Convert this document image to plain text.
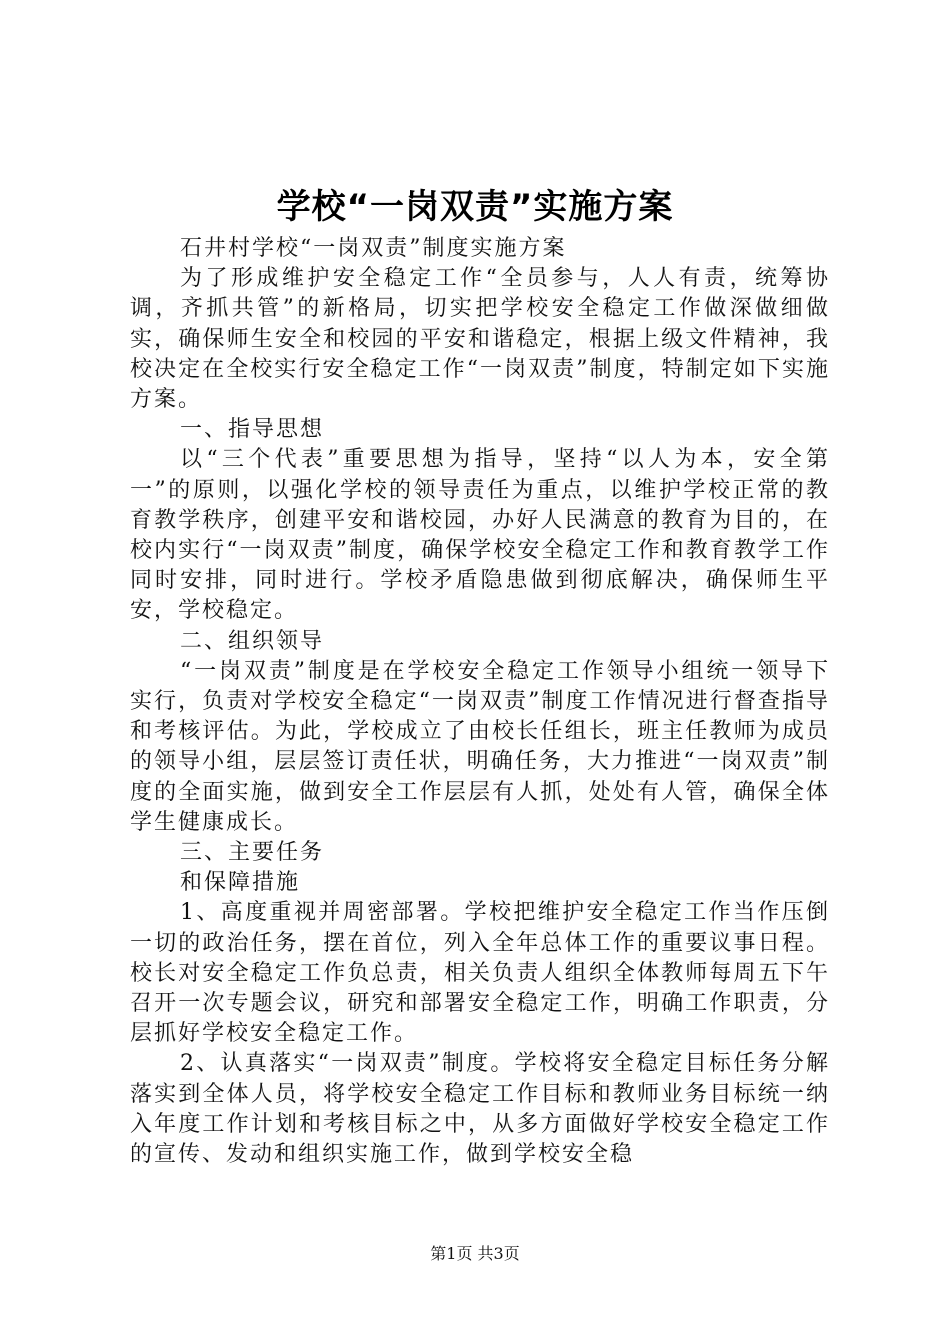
学校“一岗双责”实施方案

石井村学校“一岗双责”制度实施方案

为了形成维护安全稳定工作“全员参与，人人有责，统筹协调，齐抓共管”的新格局，切实把学校安全稳定工作做深做细做实，确保师生安全和校园的平安和谐稳定，根据上级文件精神，我校决定在全校实行安全稳定工作“一岗双责”制度，特制定如下实施方案。

一、指导思想

以“三个代表”重要思想为指导，坚持“以人为本，安全第一”的原则，以强化学校的领导责任为重点，以维护学校正常的教育教学秩序，创建平安和谐校园，办好人民满意的教育为目的，在校内实行“一岗双责”制度，确保学校安全稳定工作和教育教学工作同时安排，同时进行。学校矛盾隐患做到彻底解决，确保师生平安，学校稳定。

二、组织领导

“一岗双责”制度是在学校安全稳定工作领导小组统一领导下实行，负责对学校安全稳定“一岗双责”制度工作情况进行督查指导和考核评估。为此，学校成立了由校长任组长，班主任教师为成员的领导小组，层层签订责任状，明确任务，大力推进“一岗双责”制度的全面实施，做到安全工作层层有人抓，处处有人管，确保全体学生健康成长。

三、主要任务

和保障措施

1、高度重视并周密部署。学校把维护安全稳定工作当作压倒一切的政治任务，摆在首位，列入全年总体工作的重要议事日程。校长对安全稳定工作负总责，相关负责人组织全体教师每周五下午召开一次专题会议，研究和部署安全稳定工作，明确工作职责，分层抓好学校安全稳定工作。

2、认真落实“一岗双责”制度。学校将安全稳定目标任务分解落实到全体人员，将学校安全稳定工作目标和教师业务目标统一纳入年度工作计划和考核目标之中，从多方面做好学校安全稳定工作的宣传、发动和组织实施工作，做到学校安全稳

第1页 共3页
